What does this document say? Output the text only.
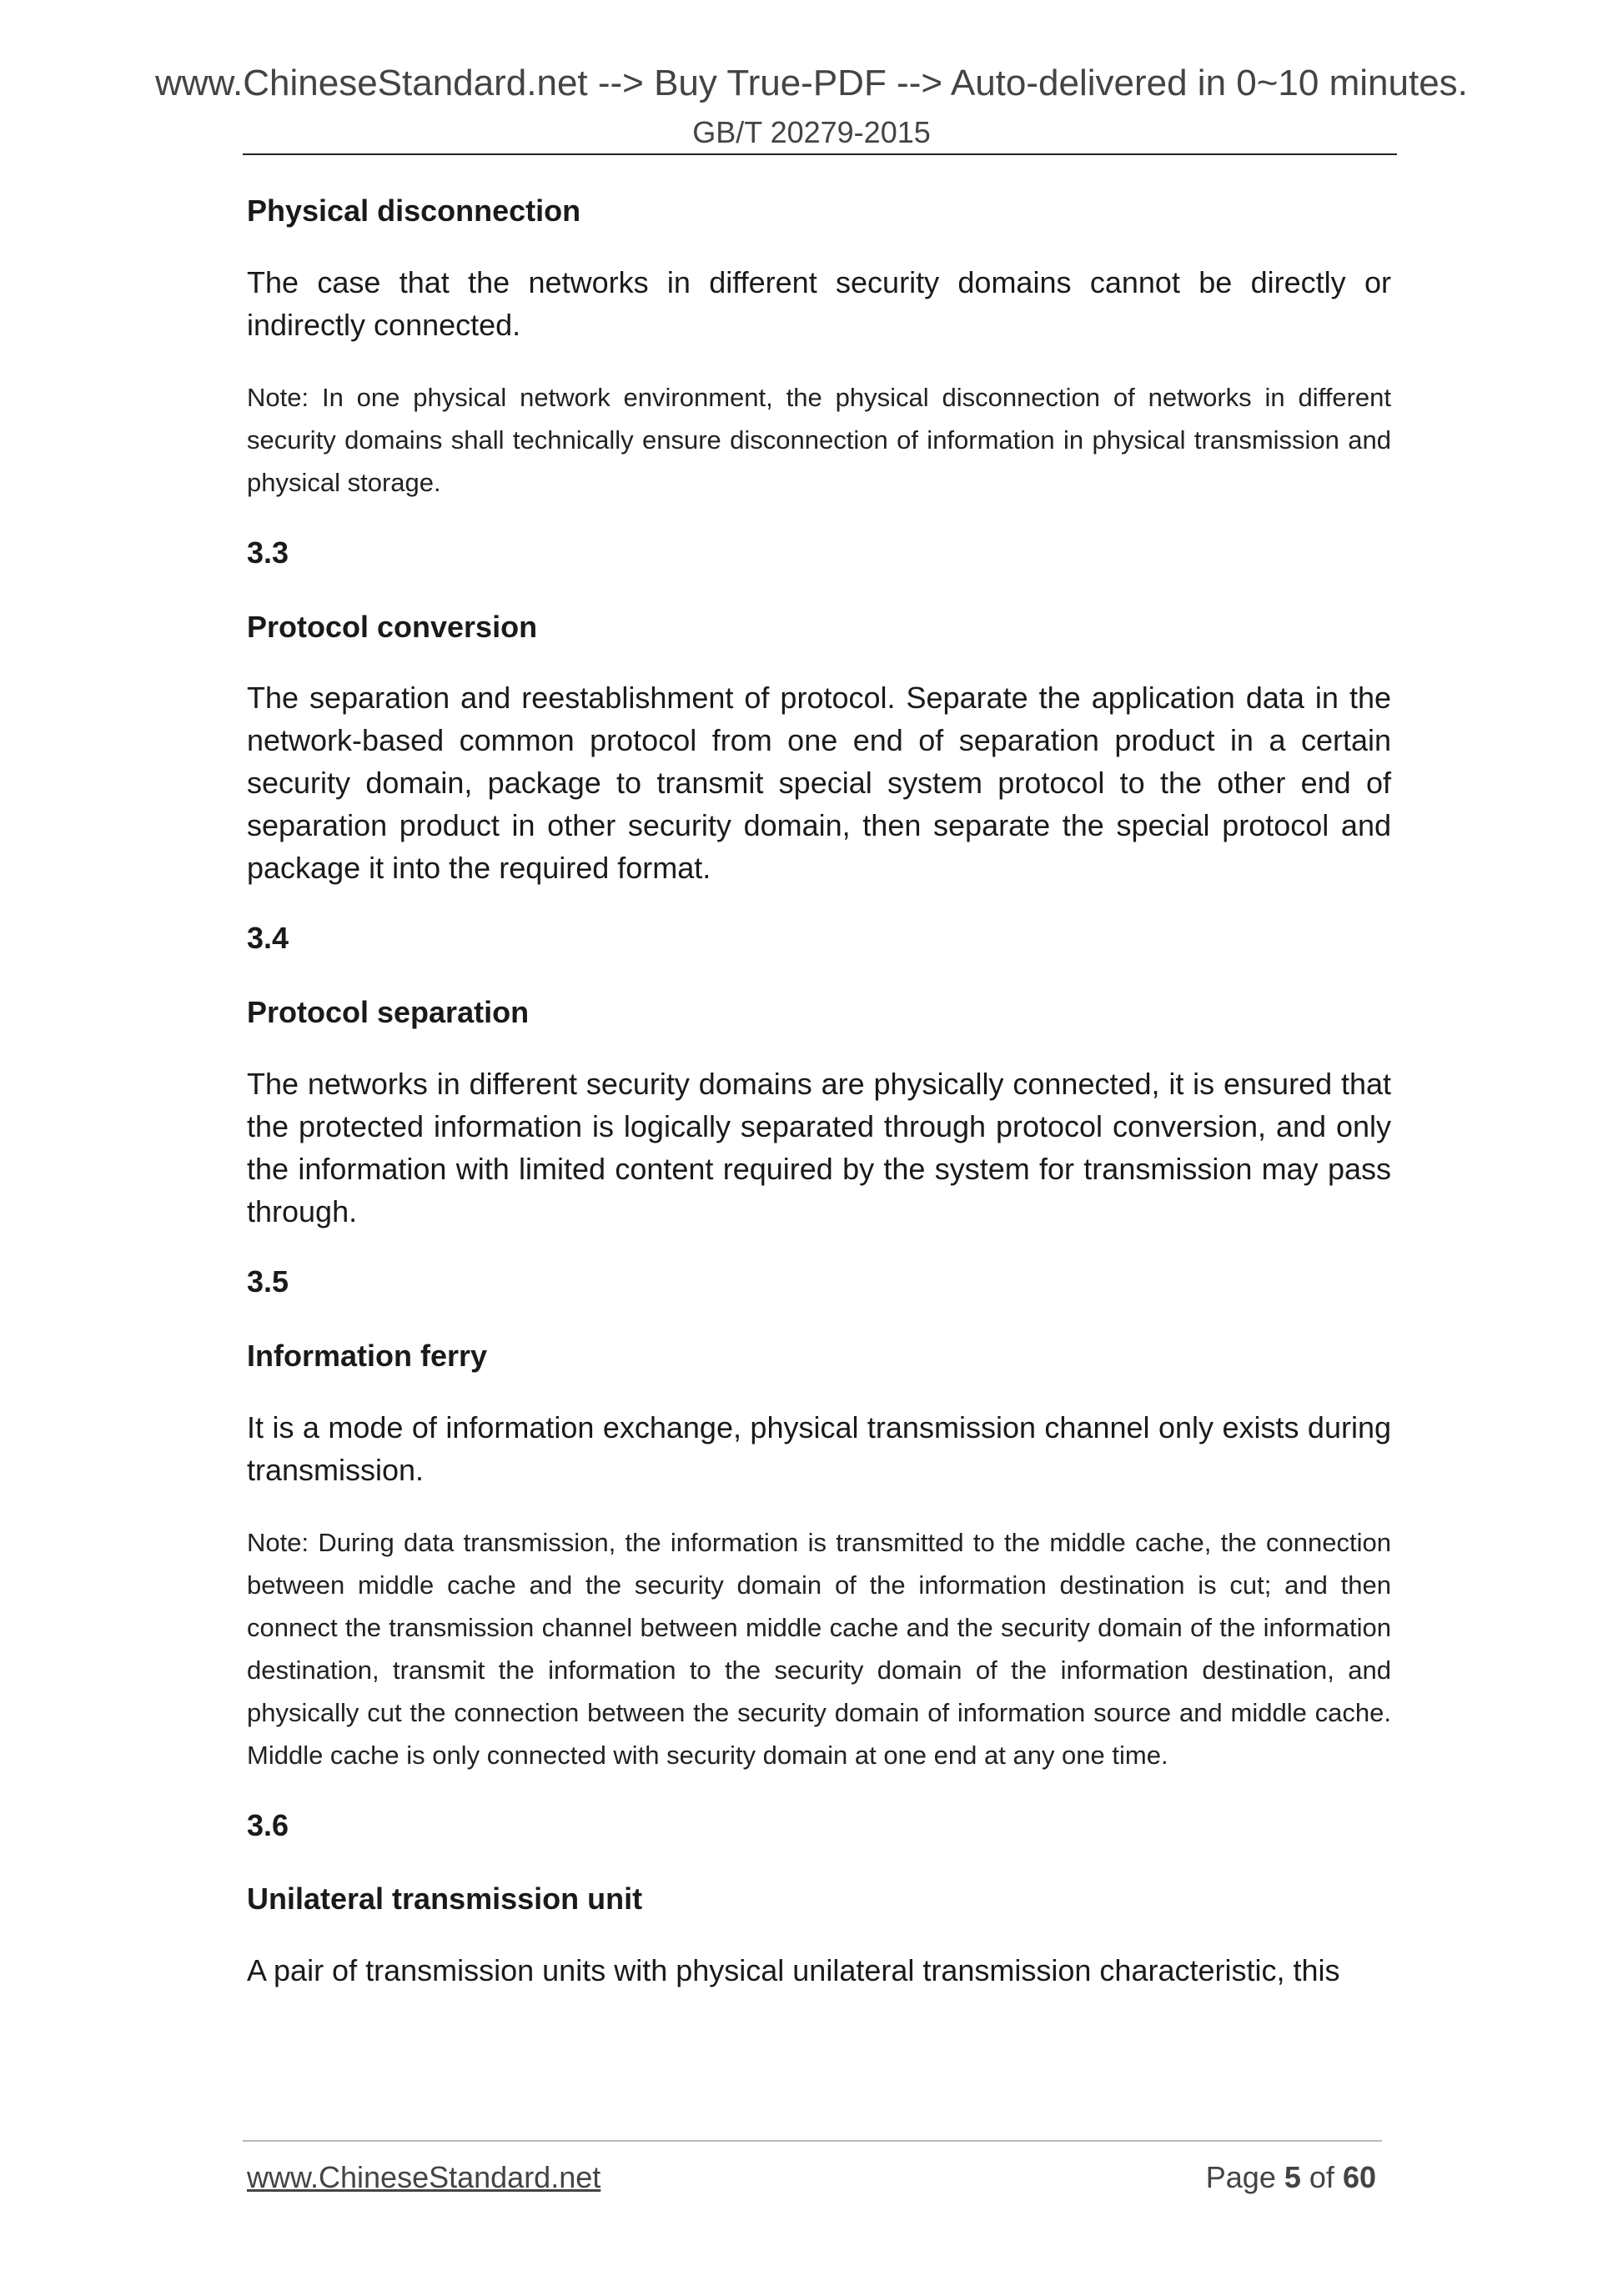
www.ChineseStandard.net --> Buy True-PDF --> Auto-delivered in 0~10 minutes.
GB/T 20279-2015
Physical disconnection

The case that the networks in different security domains cannot be directly or indirectly connected.

Note: In one physical network environment, the physical disconnection of networks in different security domains shall technically ensure disconnection of information in physical transmission and physical storage.

3.3
Protocol conversion

The separation and reestablishment of protocol. Separate the application data in the network-based common protocol from one end of separation product in a certain security domain, package to transmit special system protocol to the other end of separation product in other security domain, then separate the special protocol and package it into the required format.

3.4
Protocol separation

The networks in different security domains are physically connected, it is ensured that the protected information is logically separated through protocol conversion, and only the information with limited content required by the system for transmission may pass through.

3.5
Information ferry

It is a mode of information exchange, physical transmission channel only exists during transmission.

Note: During data transmission, the information is transmitted to the middle cache, the connection between middle cache and the security domain of the information destination is cut; and then connect the transmission channel between middle cache and the security domain of the information destination, transmit the information to the security domain of the information destination, and physically cut the connection between the security domain of information source and middle cache. Middle cache is only connected with security domain at one end at any one time.

3.6
Unilateral transmission unit

A pair of transmission units with physical unilateral transmission characteristic, this

www.ChineseStandard.net	Page 5 of 60
